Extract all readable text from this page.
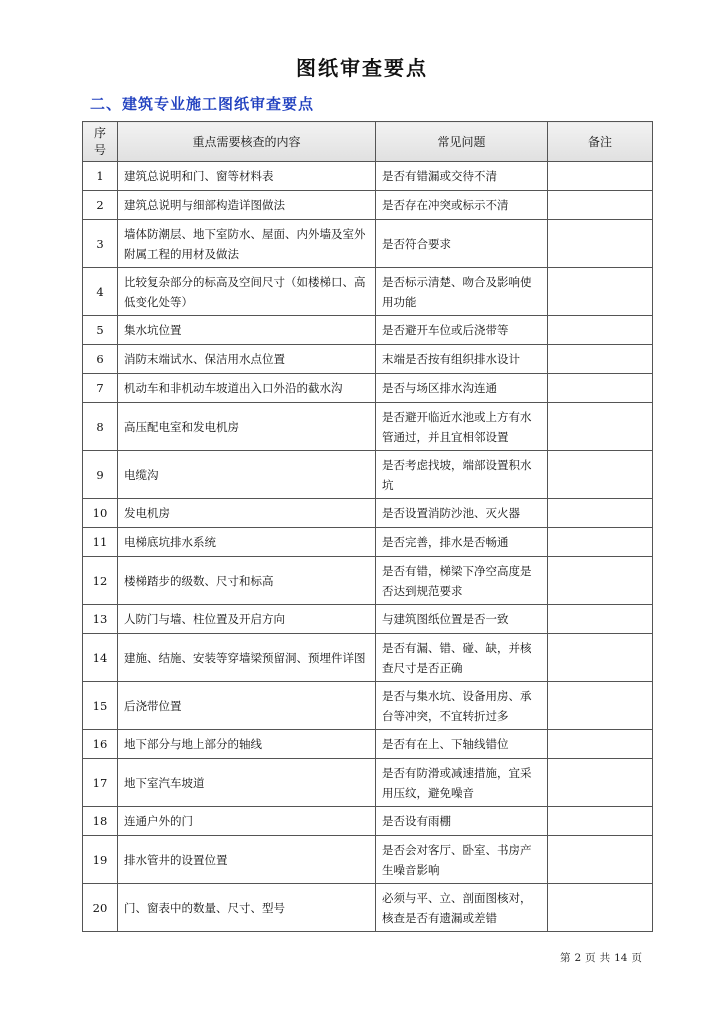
图纸审查要点
二、建筑专业施工图纸审查要点
序号	重点需要核查的内容	常见问题	备注
1	建筑总说明和门、窗等材料表	是否有错漏或交待不清	
2	建筑总说明与细部构造详图做法	是否存在冲突或标示不清	
3	墙体防潮层、地下室防水、屋面、内外墙及室外附属工程的用材及做法	是否符合要求	
4	比较复杂部分的标高及空间尺寸（如楼梯口、高低变化处等）	是否标示清楚、吻合及影响使用功能	
5	集水坑位置	是否避开车位或后浇带等	
6	消防末端试水、保洁用水点位置	末端是否按有组织排水设计	
7	机动车和非机动车坡道出入口外沿的截水沟	是否与场区排水沟连通	
8	高压配电室和发电机房	是否避开临近水池或上方有水管通过，并且宜相邻设置	
9	电缆沟	是否考虑找坡，端部设置积水坑	
10	发电机房	是否设置消防沙池、灭火器	
11	电梯底坑排水系统	是否完善，排水是否畅通	
12	楼梯踏步的级数、尺寸和标高	是否有错，梯梁下净空高度是否达到规范要求	
13	人防门与墙、柱位置及开启方向	与建筑图纸位置是否一致	
14	建施、结施、安装等穿墙梁预留洞、预埋件详图	是否有漏、错、碰、缺，并核查尺寸是否正确	
15	后浇带位置	是否与集水坑、设备用房、承台等冲突，不宜转折过多	
16	地下部分与地上部分的轴线	是否有在上、下轴线错位	
17	地下室汽车坡道	是否有防滑或减速措施，宜采用压纹，避免噪音	
18	连通户外的门	是否设有雨棚	
19	排水管井的设置位置	是否会对客厅、卧室、书房产生噪音影响	
20	门、窗表中的数量、尺寸、型号	必须与平、立、剖面图核对，核查是否有遗漏或差错	
第 2 页 共 14 页
